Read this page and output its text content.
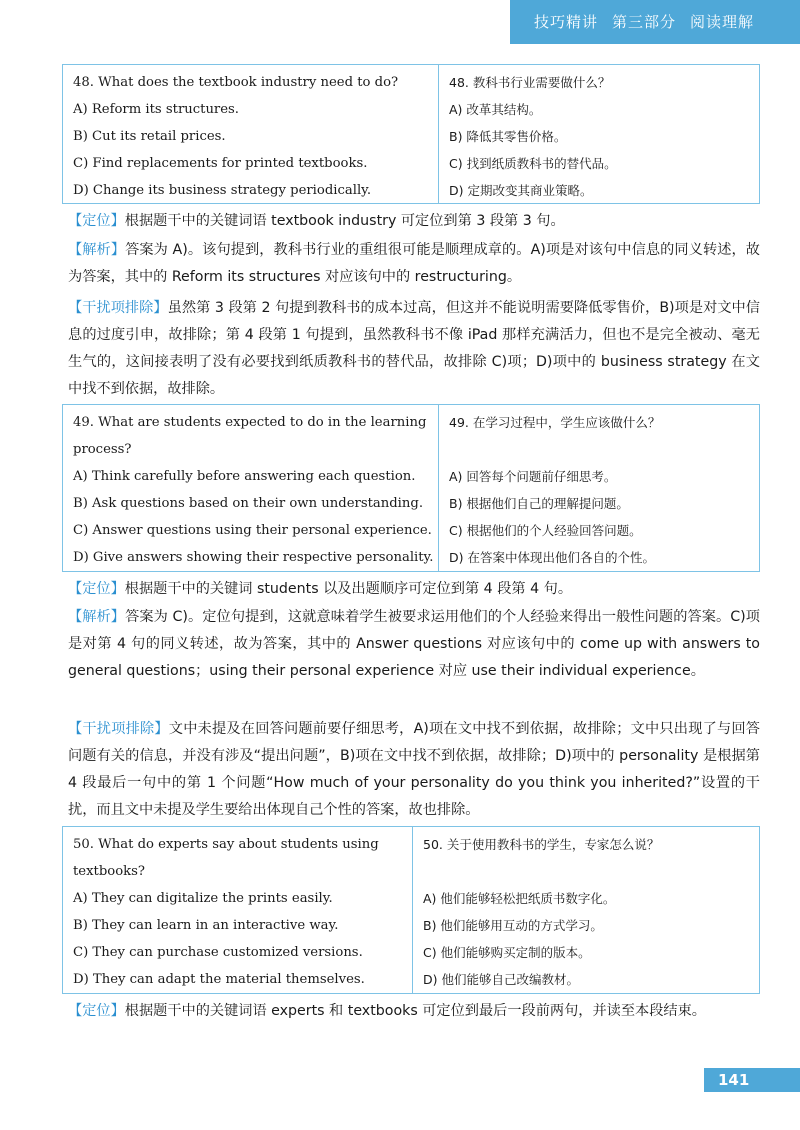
技巧精讲 第三部分 阅读理解
48. What does the textbook industry need to do?
A) Reform its structures.
B) Cut its retail prices.
C) Find replacements for printed textbooks.
D) Change its business strategy periodically.
48. 教科书行业需要做什么？
A) 改革其结构。
B) 降低其零售价格。
C) 找到纸质教科书的替代品。
D) 定期改变其商业策略。
【定位】根据题干中的关键词语 textbook industry 可定位到第 3 段第 3 句。
【解析】答案为 A)。该句提到，教科书行业的重组很可能是顺理成章的。A)项是对该句中信息的同义转述，故为答案，其中的 Reform its structures 对应该句中的 restructuring。
【干扰项排除】虽然第 3 段第 2 句提到教科书的成本过高，但这并不能说明需要降低零售价，B)项是对文中信息的过度引申，故排除；第 4 段第 1 句提到，虽然教科书不像 iPad 那样充满活力，但也不是完全被动、毫无生气的，这间接表明了没有必要找到纸质教科书的替代品，故排除 C)项；D)项中的 business strategy 在文中找不到依据，故排除。
49. What are students expected to do in the learning
process?
A) Think carefully before answering each question.
B) Ask questions based on their own understanding.
C) Answer questions using their personal experience.
D) Give answers showing their respective personality.
49. 在学习过程中，学生应该做什么？
A) 回答每个问题前仔细思考。
B) 根据他们自己的理解提问题。
C) 根据他们的个人经验回答问题。
D) 在答案中体现出他们各自的个性。
【定位】根据题干中的关键词 students 以及出题顺序可定位到第 4 段第 4 句。
【解析】答案为 C)。定位句提到，这就意味着学生被要求运用他们的个人经验来得出一般性问题的答案。C)项是对第 4 句的同义转述，故为答案，其中的 Answer questions 对应该句中的 come up with answers to general questions；using their personal experience 对应 use their individual experience。
【干扰项排除】文中未提及在回答问题前要仔细思考，A)项在文中找不到依据，故排除；文中只出现了与回答问题有关的信息，并没有涉及“提出问题”，B)项在文中找不到依据，故排除；D)项中的 personality 是根据第 4 段最后一句中的第 1 个问题“How much of your personality do you think you inherited?”设置的干扰，而且文中未提及学生要给出体现自己个性的答案，故也排除。
50. What do experts say about students using
textbooks?
A) They can digitalize the prints easily.
B) They can learn in an interactive way.
C) They can purchase customized versions.
D) They can adapt the material themselves.
50. 关于使用教科书的学生，专家怎么说？
A) 他们能够轻松把纸质书数字化。
B) 他们能够用互动的方式学习。
C) 他们能够购买定制的版本。
D) 他们能够自己改编教材。
【定位】根据题干中的关键词语 experts 和 textbooks 可定位到最后一段前两句，并读至本段结束。
141
